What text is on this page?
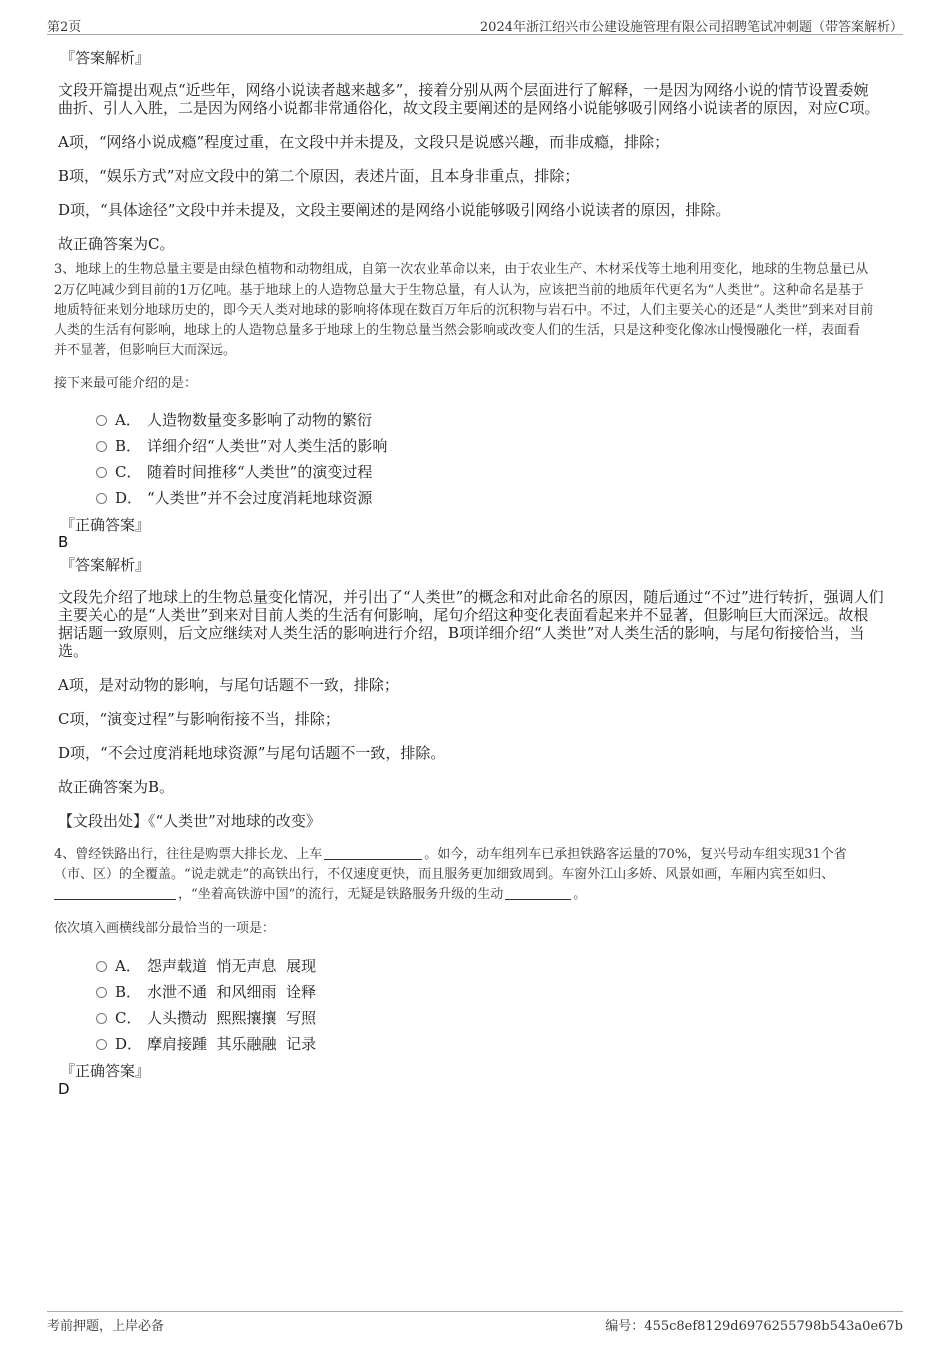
第2页	2024年浙江绍兴市公建设施管理有限公司招聘笔试冲刺题（带答案解析）
『答案解析』
文段开篇提出观点“近些年，网络小说读者越来越多”，接着分别从两个层面进行了解释，一是因为网络小说的情节设置委婉
曲折、引人入胜，二是因为网络小说都非常通俗化，故文段主要阐述的是网络小说能够吸引网络小说读者的原因，对应C项。
A项，“网络小说成瘾”程度过重，在文段中并未提及，文段只是说感兴趣，而非成瘾，排除；
B项，“娱乐方式”对应文段中的第二个原因，表述片面，且本身非重点，排除；
D项，“具体途径”文段中并未提及，文段主要阐述的是网络小说能够吸引网络小说读者的原因，排除。
故正确答案为C。
3、地球上的生物总量主要是由绿色植物和动物组成，自第一次农业革命以来，由于农业生产、木材采伐等土地利用变化，地球的生物总量已从
2万亿吨减少到目前的1万亿吨。基于地球上的人造物总量大于生物总量，有人认为，应该把当前的地质年代更名为“人类世”。这种命名是基于
地质特征来划分地球历史的，即今天人类对地球的影响将体现在数百万年后的沉积物与岩石中。不过，人们主要关心的还是“人类世”到来对目前
人类的生活有何影响，地球上的人造物总量多于地球上的生物总量当然会影响或改变人们的生活，只是这种变化像冰山慢慢融化一样，表面看
并不显著，但影响巨大而深远。
接下来最可能介绍的是：
A． 人造物数量变多影响了动物的繁衍
B． 详细介绍“人类世”对人类生活的影响
C． 随着时间推移“人类世”的演变过程
D． “人类世”并不会过度消耗地球资源
『正确答案』
B
『答案解析』
文段先介绍了地球上的生物总量变化情况，并引出了“人类世”的概念和对此命名的原因，随后通过“不过”进行转折，强调人们
主要关心的是“人类世”到来对目前人类的生活有何影响，尾句介绍这种变化表面看起来并不显著，但影响巨大而深远。故根
据话题一致原则，后文应继续对人类生活的影响进行介绍，B项详细介绍“人类世”对人类生活的影响，与尾句衔接恰当，当
选。
A项，是对动物的影响，与尾句话题不一致，排除；
C项，“演变过程”与影响衔接不当，排除；
D项，“不会过度消耗地球资源”与尾句话题不一致，排除。
故正确答案为B。
【文段出处】《“人类世”对地球的改变》
4、曾经铁路出行，往往是购票大排长龙、上车	。如今，动车组列车已承担铁路客运量的70%，复兴号动车组实现31个省
（市、区）的全覆盖。“说走就走”的高铁出行，不仅速度更快，而且服务更加细致周到。车窗外江山多娇、风景如画，车厢内宾至如归、
，“坐着高铁游中国”的流行，无疑是铁路服务升级的生动	。
依次填入画横线部分最恰当的一项是：
A． 怨声载道  悄无声息  展现
B． 水泄不通  和风细雨  诠释
C． 人头攒动  熙熙攘攘  写照
D． 摩肩接踵  其乐融融  记录
『正确答案』
D
考前押题，上岸必备	编号：455c8ef8129d6976255798b543a0e67b
